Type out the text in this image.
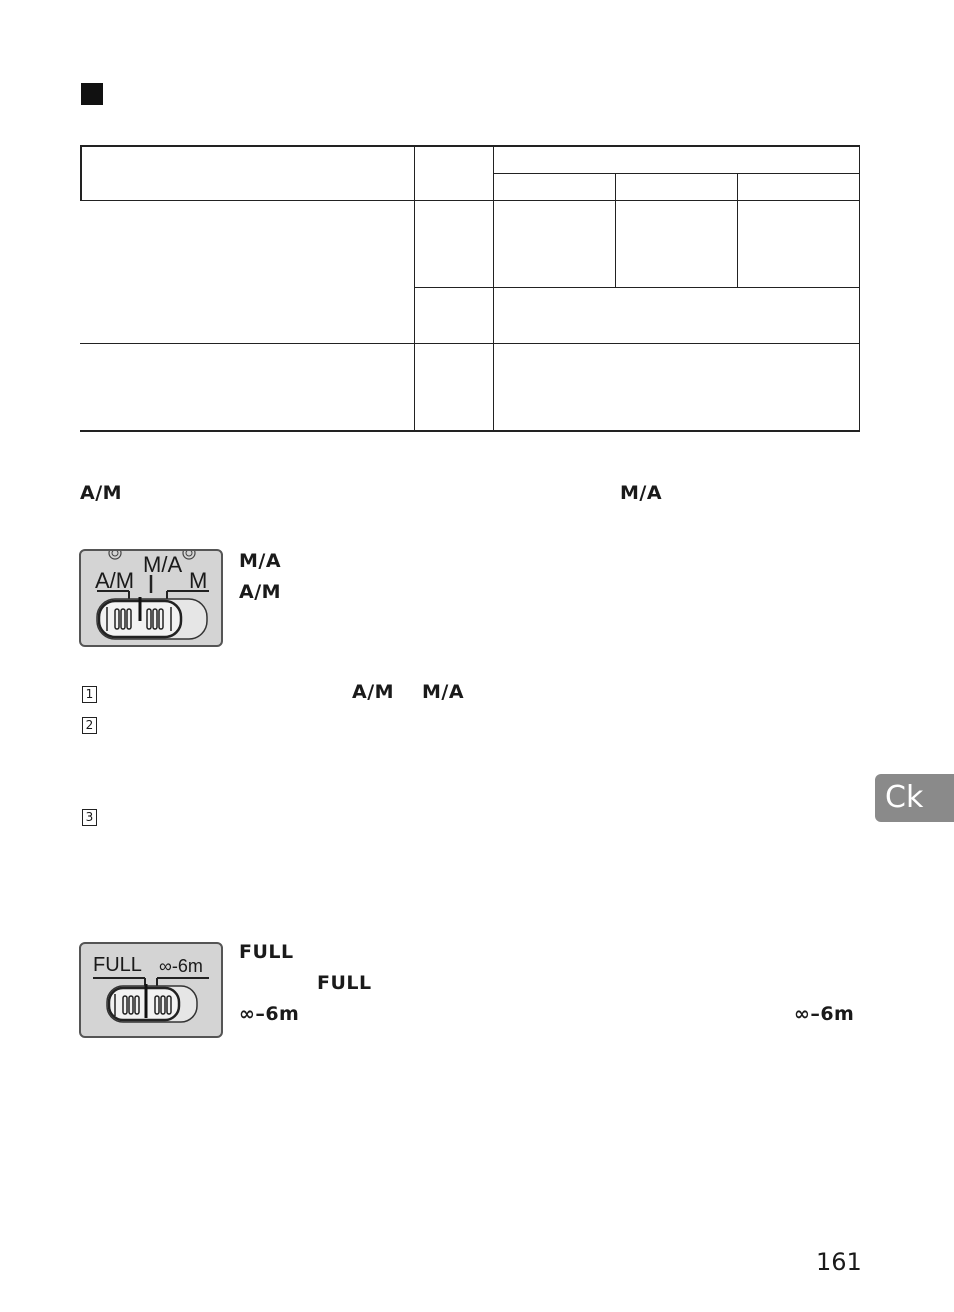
A/M	M/A
M/A
A/M M
M/A
A/M
1	A/M M/A
2
3
Ck
FULL ∞-6m
FULL
FULL
∞–6m	∞–6m
161
